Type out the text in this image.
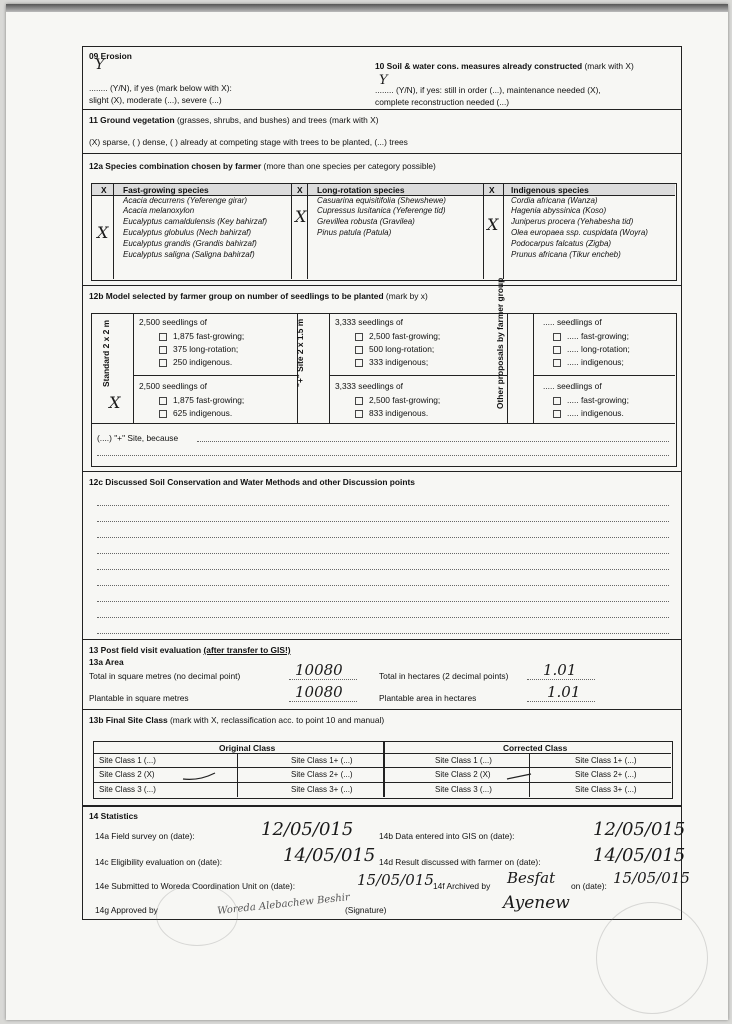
09 Erosion
Y
........ (Y/N), if yes (mark below with X):
slight (X), moderate (...), severe (...)
10 Soil & water cons. measures already constructed (mark with X)
Y
........ (Y/N), if yes: still in order (...), maintenance needed (X),
complete reconstruction needed (...)
11 Ground vegetation (grasses, shrubs, and bushes) and trees (mark with X)
(X) sparse, ( ) dense, ( ) already at competing stage with trees to be planted, (...) trees
12a Species combination chosen by farmer (more than one species per category possible)
X Fast-growing species	X Long-rotation species	X Indigenous species
Acacia decurrens (Yeferenge girar)
Acacia melanoxylon
Eucalyptus camaldulensis (Key bahirzaf)
Eucalyptus globulus (Nech bahirzaf)
Eucalyptus grandis (Grandis bahirzaf)
Eucalyptus saligna (Saligna bahirzaf)
Casuarina equisitifolia (Shewshewe)
Cupressus lusitanica (Yeferenge tid)
Grevillea robusta (Gravilea)
Pinus patula (Patula)
Cordia africana (Wanza)
Hagenia abyssinica (Koso)
Juniperus procera (Yehabesha tid)
Olea europaea ssp. cuspidata (Woyra)
Podocarpus falcatus (Zigba)
Prunus africana (Tikur encheb)
X
X	X
12b Model selected by farmer group on number of seedlings to be planted (mark by x)
Standard 2 x 2 m	"+" Site 2 x 1.5 m	Other proposals by farmer group
2,500 seedlings of
1,875 fast-growing;
375 long-rotation;
250 indigenous.
2,500 seedlings of
1,875 fast-growing;
625 indigenous.
X
3,333 seedlings of
2,500 fast-growing;
500 long-rotation;
333 indigenous;
3,333 seedlings of
2,500 fast-growing;
833 indigenous.
..... seedlings of
..... fast-growing;
..... long-rotation;
..... indigenous;
..... seedlings of
..... fast-growing;
..... indigenous.
(....) "+" Site, because
12c Discussed Soil Conservation and Water Methods and other Discussion points
13 Post field visit evaluation (after transfer to GIS!)
13a Area
Total in square metres (no decimal point)	10080	Total in hectares (2 decimal points) 1.01
Plantable in square metres	10080	Plantable area in hectares	1.01
13b Final Site Class (mark with X, reclassification acc. to point 10 and manual)
Original Class	Corrected Class
Site Class 1 (...)	Site Class 1+ (...)	Site Class 1 (...)	Site Class 1+ (...)
Site Class 2 (X)	Site Class 2+ (...)	Site Class 2 (X)	Site Class 2+ (...)
Site Class 3 (...)	Site Class 3+ (...)	Site Class 3 (...)	Site Class 3+ (...)
14 Statistics
14a Field survey on (date):	12/05/015	14b Data entered into GIS on (date):	12/05/015
14c Eligibility evaluation on (date):	14/05/015 14d Result discussed with farmer on (date):	14/05/015
14e Submitted to Woreda Coordination Unit on (date):	15/05/015 14f Archived by Besfat on (date): 15/05/015
14g Approved by	Woreda Alebachew Beshir
(Signature)	Ayenew
